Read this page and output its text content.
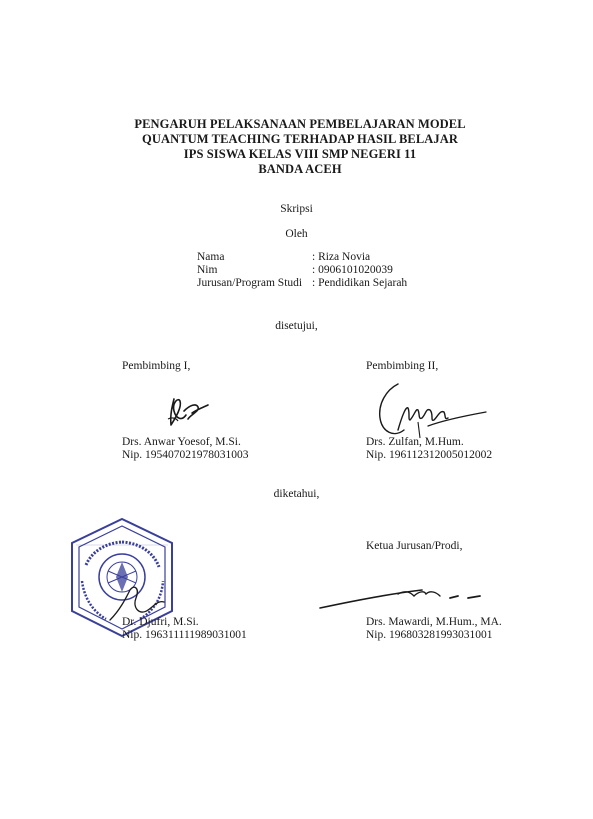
PENGARUH PELAKSANAAN PEMBELAJARAN MODEL
QUANTUM TEACHING TERHADAP HASIL BELAJAR
IPS SISWA KELAS VIII SMP NEGERI 11
BANDA ACEH
Skripsi
Oleh
Nama	: Riza Novia
Nim	: 0906101020039
Jurusan/Program Studi : Pendidikan Sejarah
disetujui,
Pembimbing I,
Drs. Anwar Yoesof, M.Si.
Nip. 195407021978031003
Pembimbing II,
Drs. Zulfan, M.Hum.
Nip. 196112312005012002
diketahui,
Dr. Djufri, M.Si.
Nip. 196311111989031001
Ketua Jurusan/Prodi,
Drs. Mawardi, M.Hum., MA.
Nip. 196803281993031001
